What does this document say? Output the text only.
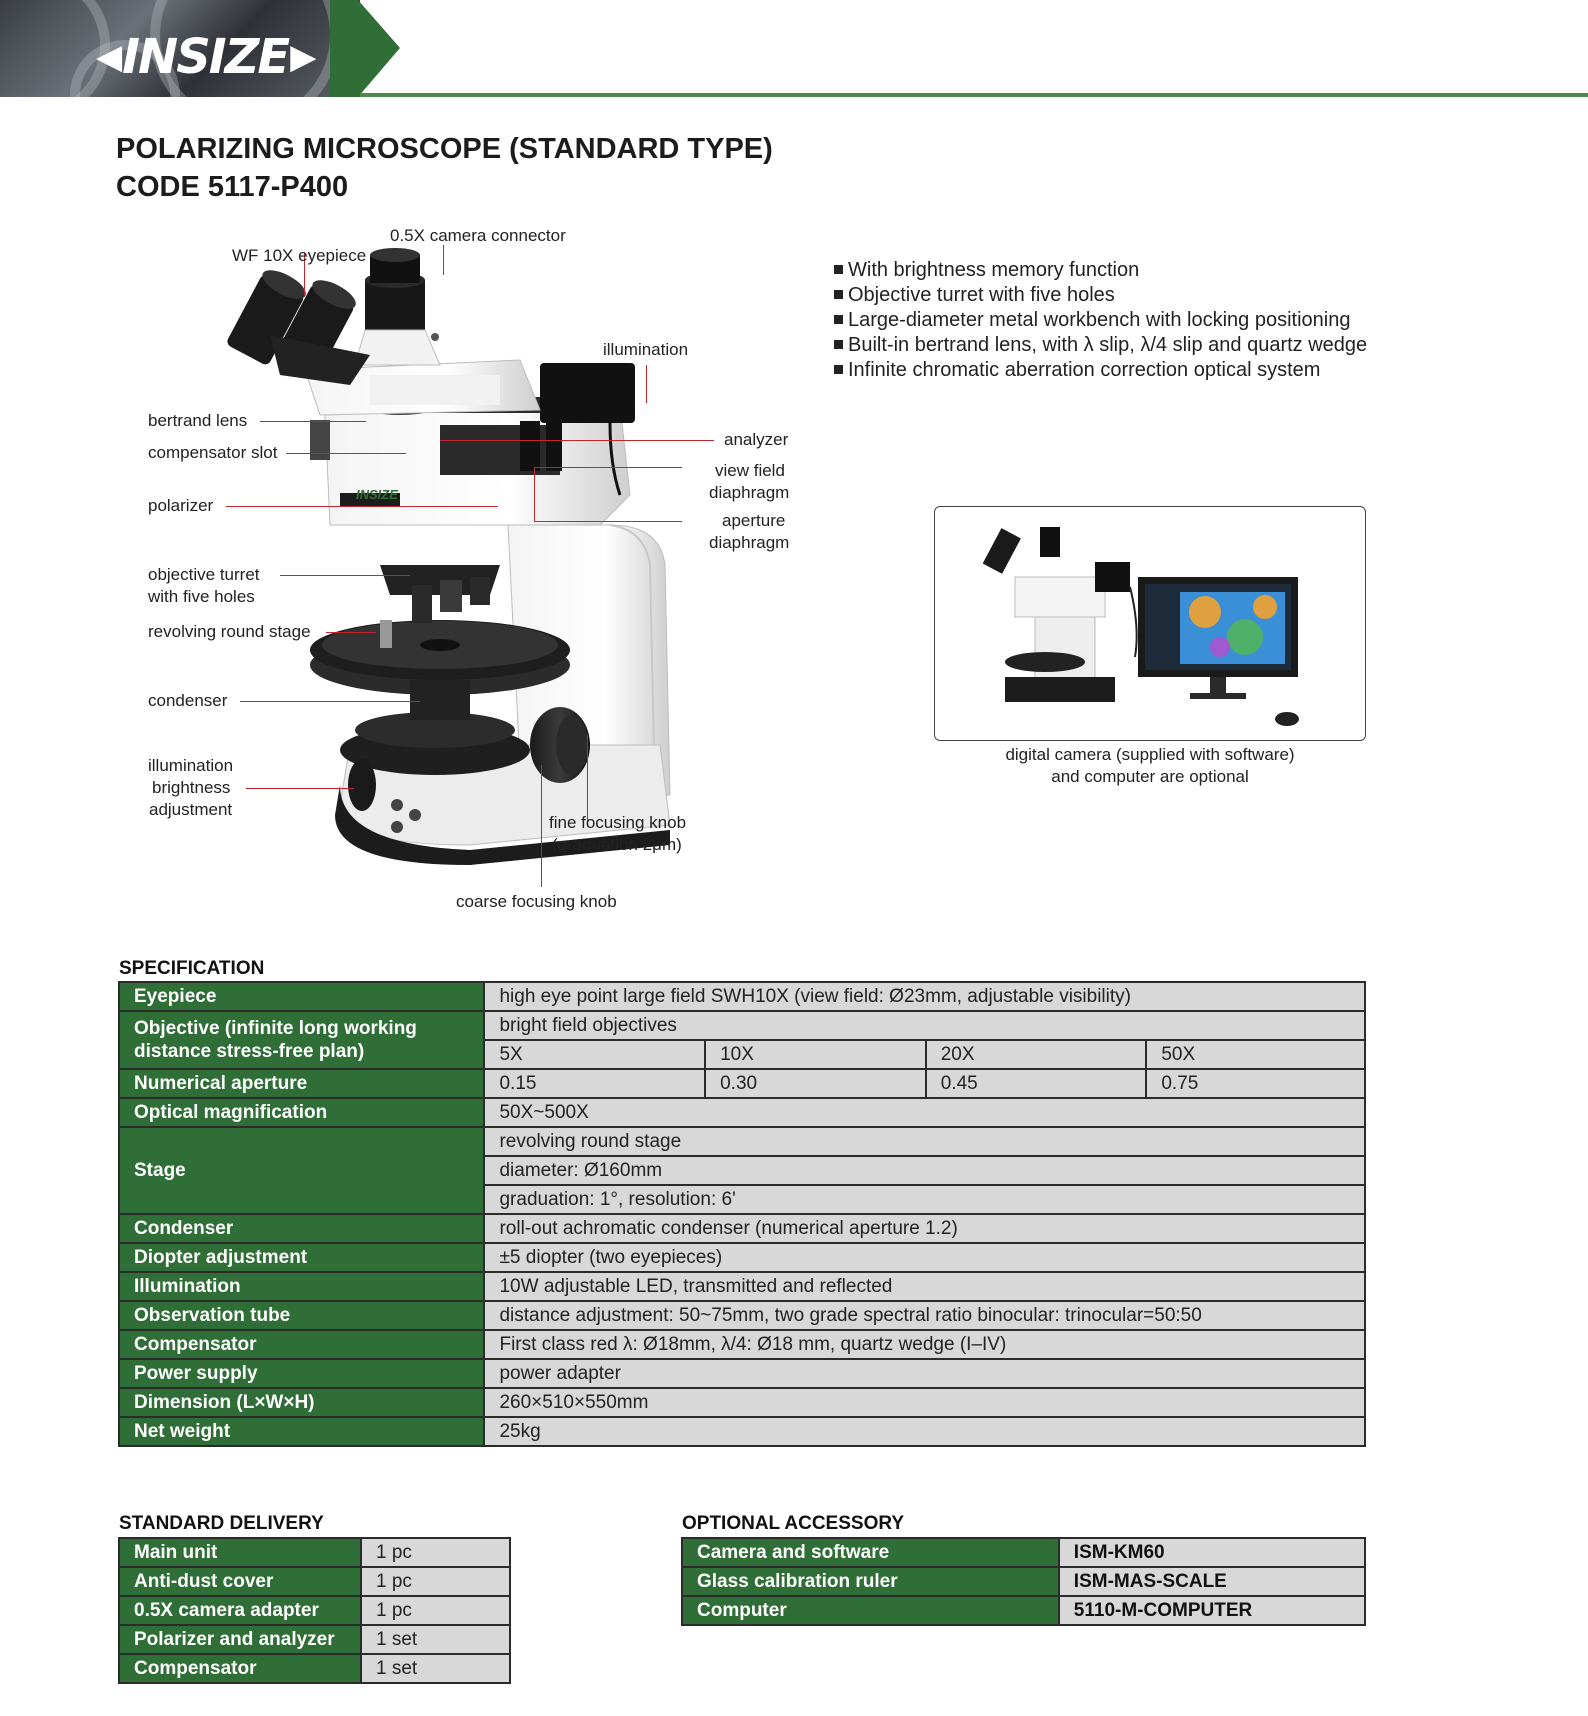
◀ INSIZE ▶
POLARIZING MICROSCOPE (STANDARD TYPE)
CODE 5117-P400
INSIZE
0.5X camera connector
WF 10X eyepiece
illumination
bertrand lens
compensator slot
polarizer
analyzer
view field
diaphragm
aperture
diaphragm
objective turret
with five holes
revolving round stage
condenser
illumination
brightness
adjustment
fine focusing knob
(graduation 2μm)
coarse focusing knob
With brightness memory function
Objective turret with five holes
Large-diameter metal workbench with locking positioning
Built-in bertrand lens, with λ slip, λ/4 slip and quartz wedge
Infinite chromatic aberration correction optical system
digital camera (supplied with software)
and computer are optional
SPECIFICATION
Eyepiece	high eye point large field SWH10X (view field: Ø23mm, adjustable visibility)			
Objective (infinite long working distance stress-free plan)	bright field objectives			
	5X	10X	20X	50X
Numerical aperture	0.15	0.30	0.45	0.75
Optical magnification	50X~500X			
Stage	revolving round stage			
	diameter: Ø160mm			
	graduation: 1°, resolution: 6'			
Condenser	roll-out achromatic condenser (numerical aperture 1.2)			
Diopter adjustment	±5 diopter (two eyepieces)			
Illumination	10W adjustable LED, transmitted and reflected			
Observation tube	distance adjustment: 50~75mm, two grade spectral ratio binocular: trinocular=50:50			
Compensator	First class red λ: Ø18mm, λ/4: Ø18 mm, quartz wedge (I–IV)			
Power supply	power adapter			
Dimension (L×W×H)	260×510×550mm			
Net weight	25kg			
STANDARD DELIVERY
Main unit	1 pc
Anti-dust cover	1 pc
0.5X camera adapter	1 pc
Polarizer and analyzer	1 set
Compensator	1 set
OPTIONAL ACCESSORY
Camera and software	ISM-KM60
Glass calibration ruler	ISM-MAS-SCALE
Computer	5110-M-COMPUTER
